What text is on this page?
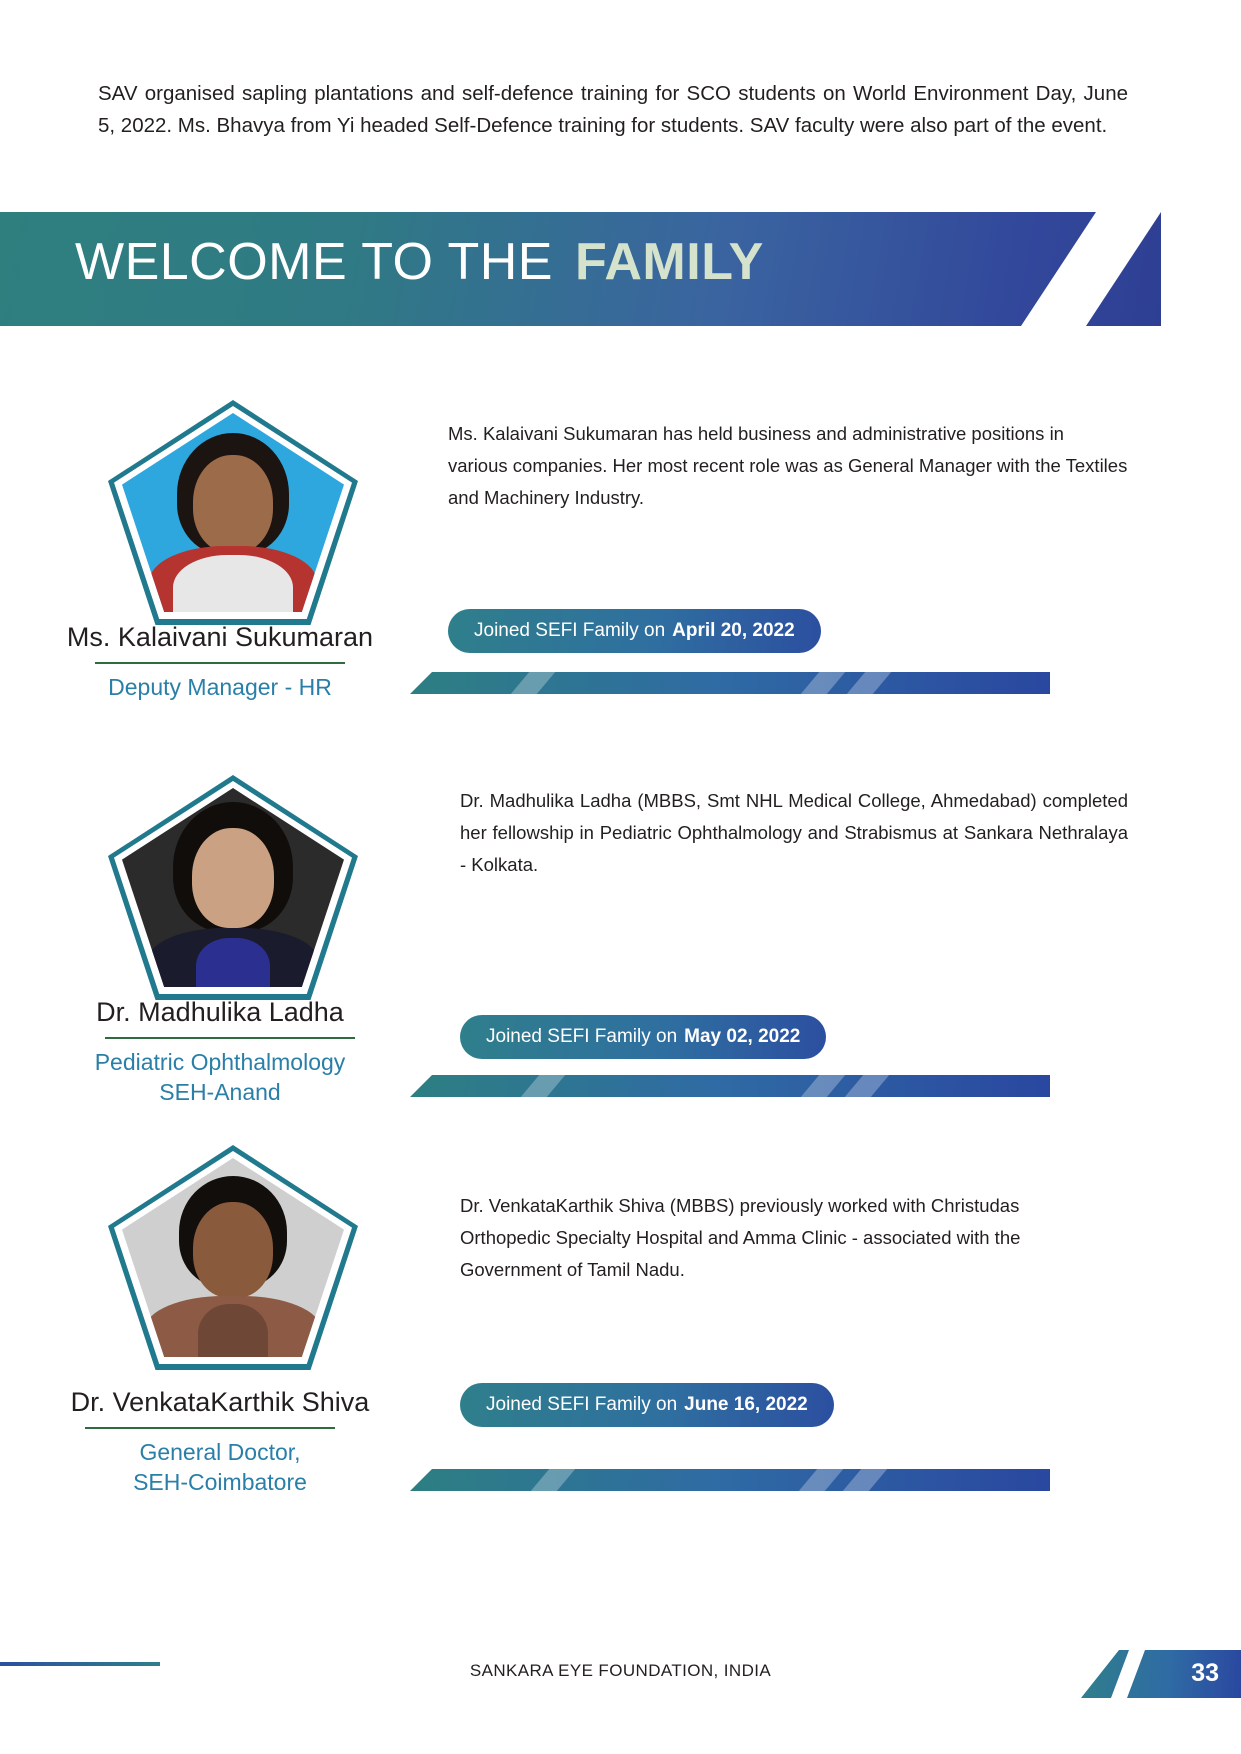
SAV organised sapling plantations and self-defence training for SCO students on World Environment Day, June 5, 2022. Ms. Bhavya from Yi headed Self-Defence training for students. SAV faculty were also part of the event.
WELCOME TO THE FAMILY
Ms. Kalaivani Sukumaran
Deputy Manager - HR
Ms. Kalaivani Sukumaran has held business and administrative positions in various companies. Her most recent role was as General Manager with the Textiles and Machinery Industry.
Joined SEFI Family on April 20, 2022
Dr. Madhulika Ladha
Pediatric Ophthalmology
SEH-Anand
Dr. Madhulika Ladha (MBBS, Smt NHL Medical College, Ahmedabad) completed her fellowship in Pediatric Ophthalmology and Strabismus at Sankara Nethralaya - Kolkata.
Joined SEFI Family on May 02, 2022
Dr. VenkataKarthik Shiva
General Doctor,
SEH-Coimbatore
Dr. VenkataKarthik Shiva (MBBS) previously worked with Christudas Orthopedic Specialty Hospital and Amma Clinic - associated with the Government of Tamil Nadu.
Joined SEFI Family on June 16, 2022
SANKARA EYE FOUNDATION, INDIA	33
